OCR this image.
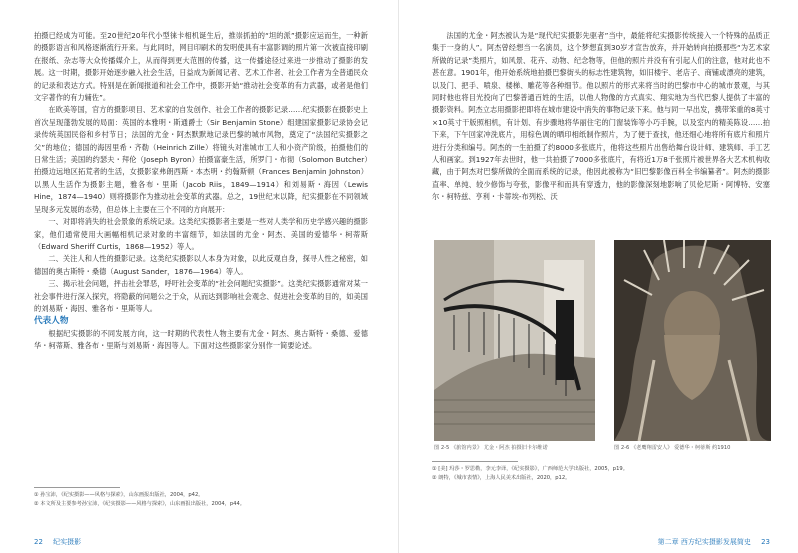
拍摄已经成为可能。至20世纪20年代小型徕卡相机诞生后，推崇抓拍的“坦的派”摄影应运而生，一种新的摄影语言和风格逐渐流行开来。与此同时，网目印刷术的发明使具有丰富影调的照片第一次被直接印刷在报纸、杂志等大众传播媒介上，从而得到更大范围的传播，这一传播途径过来进一步推动了摄影的发展。这一时期，摄影开始逐步融入社会生活，日益成为新闻记者、艺术工作者、社会工作者为全普通民众的记录和表达方式。特别是在新闻报道和社会工作中，摄影开始“推动社会变革的有力武器，或者是他们文字著作的有力辅佐”。

在欧美等国，官方的摄影项目、艺术家的自发创作、社会工作者的摄影记录……纪实摄影在摄影史上首次呈现蓬勃发展的局面：英国的本雅明・斯通爵士（Sir Benjamin Stone）组建国家摄影记录协会记录传统英国民俗和乡村节日；法国的尤金・阿杰默默地记录巴黎的城市风物，奠定了“法国纪实摄影之父”的地位；德国的海因里希・齐勒（Heinrich Zille）将镜头对准城市工人和小资产阶级，拍摄他们的日常生活；美国的约瑟夫・拜伦（Joseph Byron）拍摄富豪生活，所罗门・布彻（Solomon Butcher）拍摄边远地区拓荒者的生活，女摄影家弗朗西斯・本杰明・约翰斯顿（Frances Benjamin Johnston）以黑人生活作为摄影主题，雅各布・里斯（Jacob Riis，1849—1914）和刘易斯・海因（Lewis Hine，1874—1940）则将摄影作为推动社会变革的武器。总之，19世纪末以降，纪实摄影在不同领域呈现多元发展的态势，但总体上主要在三个不同的方向展开：

一、对即将消失的社会景象的系统记录。这类纪实摄影者主要是一些对人类学和历史学感兴趣的摄影家，他们通常使用大画幅相机记录对象的丰富细节，如法国的尤金・阿杰、美国的爱德华・柯蒂斯（Edward Sheriff Curtis，1868—1952）等人。

二、关注人和人性的摄影记录。这类纪实摄影以人本身为对象，以此反观自身，探寻人性之秘密，如德国的奥古斯特・桑德（August Sander，1876—1964）等人。

三、揭示社会问题，抨击社会罪恶，呼吁社会变革的“社会问题纪实摄影”。这类纪实摄影通常对某一社会事件进行深入探究，将隐蔽的问题公之于众，从而达到影响社会观念、促进社会变革的目的，如美国的刘易斯・海因、雅各布・里斯等人。

代表人物

根据纪实摄影的不同发展方向，这一时期的代表性人物主要有尤金・阿杰、奥古斯特・桑德、爱德华・柯蒂斯、雅各布・里斯与刘易斯・海因等人。下面对这些摄影家分别作一简要论述。

① 孙宝沛，《纪实摄影——风格与探索》，山东画报出版社，2004，p42。
② 本文所及主要参考孙宝沛，《纪实摄影——风格与探索》，山东画报出版社，2004，p44。
22 纪实摄影

法国的尤金・阿杰被认为是“现代纪实摄影先驱者”当中，最能将纪实摄影传统接入一个特殊的品质正集于一身的人”。阿杰曾经想当一名演员，这个梦想直到30岁才宣告放弃，并开始转向拍摄那些“为艺术家所做的记录”类照片，如风景、花卉、动物、纪念物等，但他的照片并没有有引起人们的注意，他对此也不甚在意。1901年，他开始系统地拍摄巴黎街头的标志性建筑物，如旧楼宇、老店子、商铺或漂亮的建筑，以及门、把手、喷泉、楼梯、雕花等各种细节。他以照片的形式来将当时的巴黎市中心的城市景观，与其同时他也将目光投向了巴黎普通百姓的生活，以他人物像的方式真实、翔实地为当代巴黎人提供了丰富的摄影资料。阿杰立志用摄影把即将在城市建设中消失的事物记录下来。他与同一早出发，携带笨重的8英寸×10英寸干版照相机，有计划、有步骤地将华丽住宅的门窗装饰等小巧手腕，以及室内的精美陈设……拍下来，下午回家冲洗底片，用棕色调的晒印相纸制作照片，为了便于查找，他还细心地将所有底片和照片进行分类和编号。阿杰的一生拍摄了约8000多张底片，他将这些照片出售给舞台设计师、建筑师、手工艺人和画家。到1927年去世时，他一共拍摄了7000多张底片，有将近1万8千张照片被世界各大艺术机构收藏，由于阿杰对巴黎所做的全面而系统的记录，他因此被称为“旧巴黎影像百科全书编纂者”。阿杰的摄影直率、单纯、较少修饰与夸张，影像平和而具有穿透力，他的影像深刻地影响了贝伦尼斯・阿博特、安塞尔・柯特兹、亨利・卡蒂埃-布列松、沃

图 2-5 《旅馆内景》 尤金・阿杰 拍摄旧卡尔维诺	图 2-6 《老鹰翔雷安人》 爱德华・柯蒂斯 约1910
① [美] 玛莎・罗思勒，李元李译，《纪实摄影》，广西师范大学出版社，2005，p19。
② 朗特，《城市表情》，上海人民美术出版社，2020，p12。
第二章 西方纪实摄影发展简史 23
